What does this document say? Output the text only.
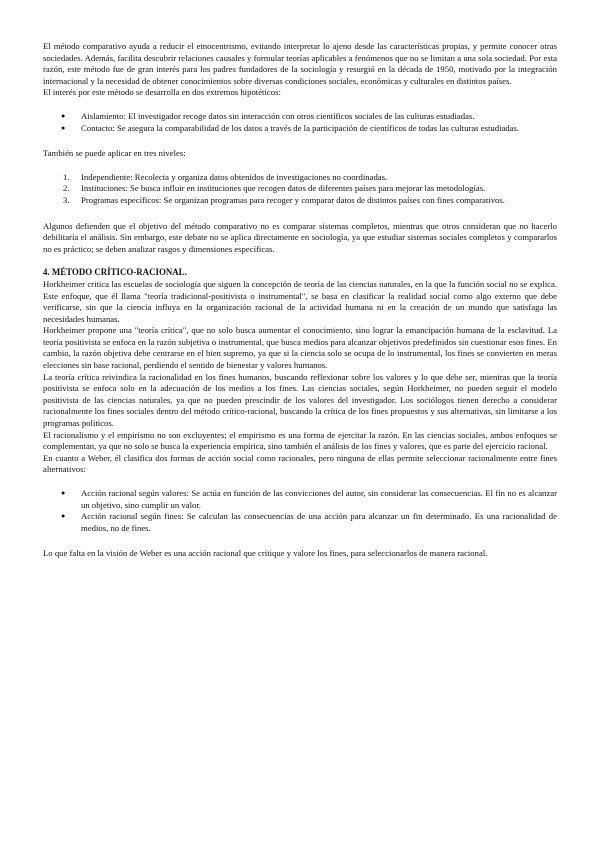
El método comparativo ayuda a reducir el etnocentrismo, evitando interpretar lo ajeno desde las características propias, y permite conocer otras sociedades. Además, facilita descubrir relaciones causales y formular teorías aplicables a fenómenos que no se limitan a una sola sociedad. Por esta razón, este método fue de gran interés para los padres fundadores de la sociología y resurgió en la década de 1950, motivado por la integración internacional y la necesidad de obtener conocimientos sobre diversas condiciones sociales, económicas y culturales en distintos países.

El interés por este método se desarrolla en dos extremos hipotéticos:

● Aislamiento: El investigador recoge datos sin interacción con otros científicos sociales de las culturas estudiadas.
● Contacto: Se asegura la comparabilidad de los datos a través de la participación de científicos de todas las culturas estudiadas.

También se puede aplicar en tres niveles:

1. Independiente: Recolecta y organiza datos obtenidos de investigaciones no coordinadas.
2. Instituciones: Se busca influir en instituciones que recogen datos de diferentes países para mejorar las metodologías.
3. Programas específicos: Se organizan programas para recoger y comparar datos de distintos países con fines comparativos.

Algunos defienden que el objetivo del método comparativo no es comparar sistemas completos, mientras que otros consideran que no hacerlo debilitaría el análisis. Sin embargo, este debate no se aplica directamente en sociología, ya que estudiar sistemas sociales completos y compararlos no es práctico; se deben analizar rasgos y dimensiones específicas.

4. MÉTODO CRÍTICO-RACIONAL.

Horkheimer critica las escuelas de sociología que siguen la concepción de teoría de las ciencias naturales, en la que la función social no se explica. Este enfoque, que él llama "teoría tradicional-positivista o instrumental", se basa en clasificar la realidad social como algo externo que debe verificarse, sin que la ciencia influya en la organización racional de la actividad humana ni en la creación de un mundo que satisfaga las necesidades humanas.

Horkheimer propone una "teoría crítica", que no solo busca aumentar el conocimiento, sino lograr la emancipación humana de la esclavitud. La teoría positivista se enfoca en la razón subjetiva o instrumental, que busca medios para alcanzar objetivos predefinidos sin cuestionar esos fines. En cambio, la razón objetiva debe centrarse en el bien supremo, ya que si la ciencia solo se ocupa de lo instrumental, los fines se convierten en meras elecciones sin base racional, perdiendo el sentido de bienestar y valores humanos.

La teoría crítica reivindica la racionalidad en los fines humanos, buscando reflexionar sobre los valores y lo que debe ser, mientras que la teoría positivista se enfoca solo en la adecuación de los medios a los fines. Las ciencias sociales, según Horkheimer, no pueden seguir el modelo positivista de las ciencias naturales, ya que no pueden prescindir de los valores del investigador. Los sociólogos tienen derecho a considerar racionalmente los fines sociales dentro del método crítico-racional, buscando la crítica de los fines propuestos y sus alternativas, sin limitarse a los programas políticos.

El racionalismo y el empirismo no son excluyentes; el empirismo es una forma de ejercitar la razón. En las ciencias sociales, ambos enfoques se complementan, ya que no solo se busca la experiencia empírica, sino también el análisis de los fines y valores, que es parte del ejercicio racional.

En cuanto a Weber, él clasifica dos formas de acción social como racionales, pero ninguna de ellas permite seleccionar racionalmente entre fines alternativos:

● Acción racional según valores: Se actúa en función de las convicciones del autor, sin considerar las consecuencias. El fin no es alcanzar un objetivo, sino cumplir un valor.
● Acción racional según fines: Se calculan las consecuencias de una acción para alcanzar un fin determinado. Es una racionalidad de medios, no de fines.

Lo que falta en la visión de Weber es una acción racional que critique y valore los fines, para seleccionarlos de manera racional.
